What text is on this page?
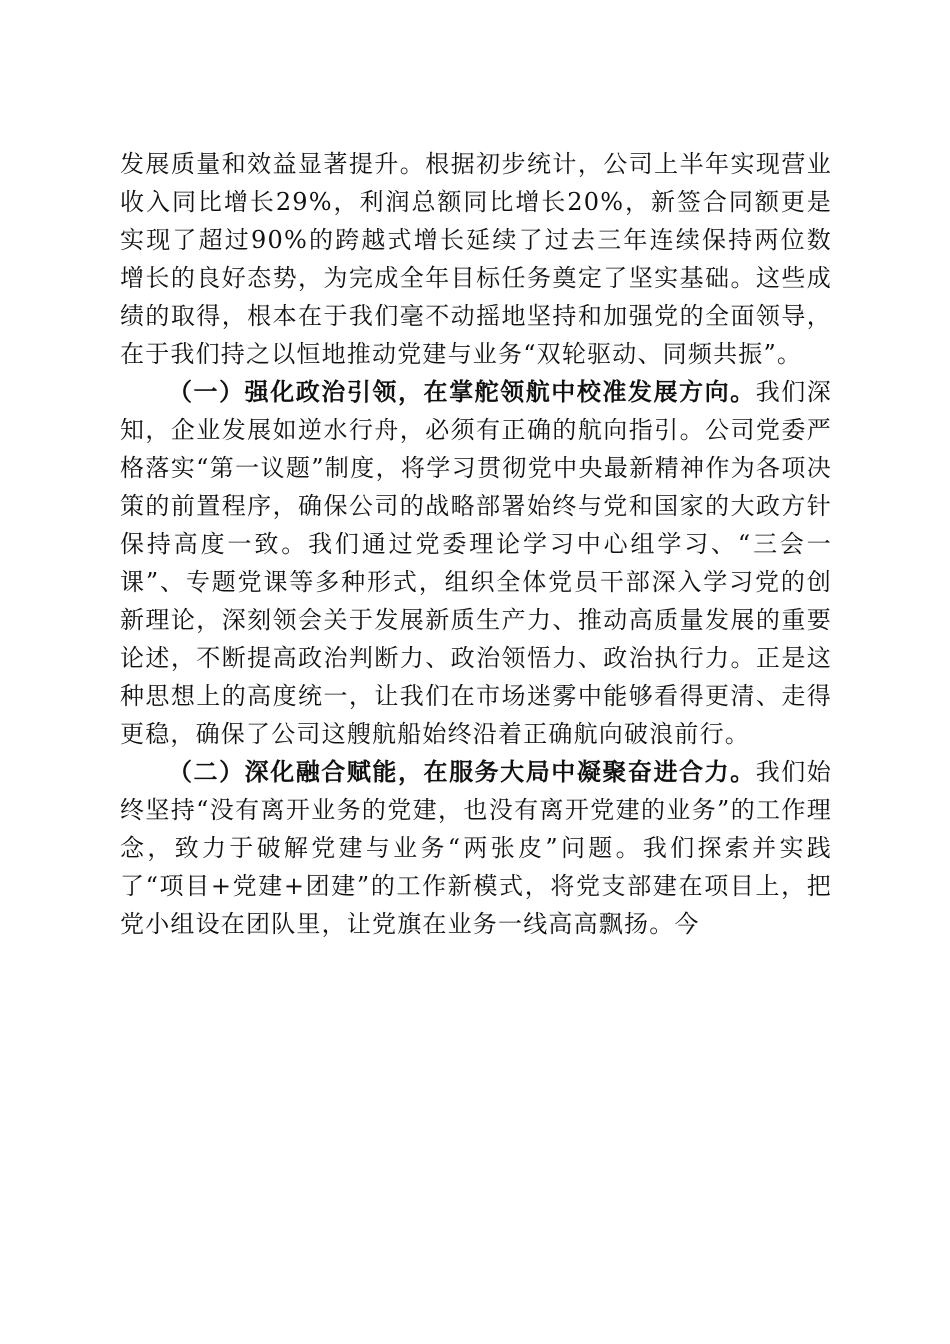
发展质量和效益显著提升。根据初步统计，公司上半年实现营业收入同比增长29%，利润总额同比增长20%，新签合同额更是实现了超过90%的跨越式增长延续了过去三年连续保持两位数增长的良好态势，为完成全年目标任务奠定了坚实基础。这些成绩的取得，根本在于我们毫不动摇地坚持和加强党的全面领导，在于我们持之以恒地推动党建与业务“双轮驱动、同频共振”。

（一）强化政治引领，在掌舵领航中校准发展方向。我们深知，企业发展如逆水行舟，必须有正确的航向指引。公司党委严格落实“第一议题”制度，将学习贯彻党中央最新精神作为各项决策的前置程序，确保公司的战略部署始终与党和国家的大政方针保持高度一致。我们通过党委理论学习中心组学习、“三会一课”、专题党课等多种形式，组织全体党员干部深入学习党的创新理论，深刻领会关于发展新质生产力、推动高质量发展的重要论述，不断提高政治判断力、政治领悟力、政治执行力。正是这种思想上的高度统一，让我们在市场迷雾中能够看得更清、走得更稳，确保了公司这艘航船始终沿着正确航向破浪前行。

（二）深化融合赋能，在服务大局中凝聚奋进合力。我们始终坚持“没有离开业务的党建，也没有离开党建的业务”的工作理念，致力于破解党建与业务“两张皮”问题。我们探索并实践了“项目+党建+团建”的工作新模式，将党支部建在项目上，把党小组设在团队里，让党旗在业务一线高高飘扬。今
